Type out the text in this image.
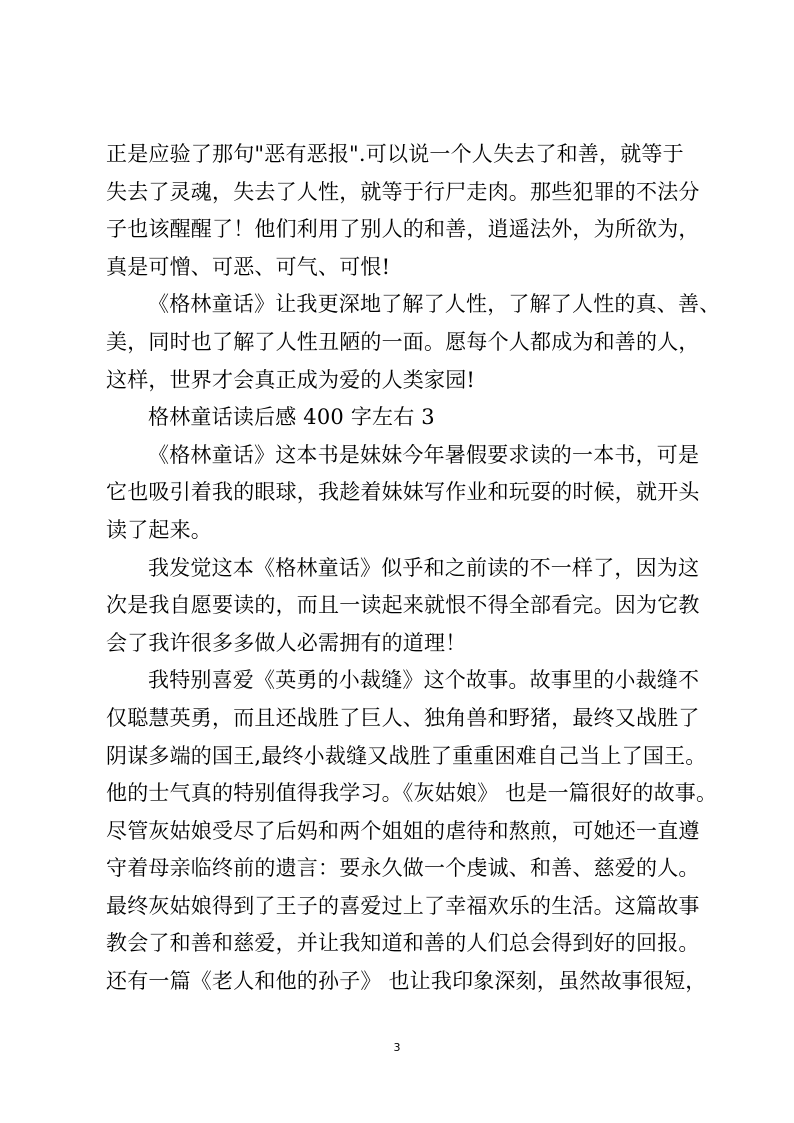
正是应验了那句"恶有恶报".可以说一个人失去了和善，就等于
失去了灵魂，失去了人性，就等于行尸走肉。那些犯罪的不法分
子也该醒醒了！他们利用了别人的和善，逍遥法外，为所欲为，
真是可憎、可恶、可气、可恨!
《格林童话》让我更深地了解了人性，了解了人性的真、善、
美，同时也了解了人性丑陋的一面。愿每个人都成为和善的人，
这样，世界才会真正成为爱的人类家园!
格林童话读后感 400 字左右 3
《格林童话》这本书是妹妹今年暑假要求读的一本书，可是
它也吸引着我的眼球，我趁着妹妹写作业和玩耍的时候，就开头
读了起来。
我发觉这本《格林童话》似乎和之前读的不一样了，因为这
次是我自愿要读的，而且一读起来就恨不得全部看完。因为它教
会了我许很多多做人必需拥有的道理！
我特别喜爱《英勇的小裁缝》这个故事。故事里的小裁缝不
仅聪慧英勇，而且还战胜了巨人、独角兽和野猪，最终又战胜了
阴谋多端的国王,最终小裁缝又战胜了重重困难自己当上了国王。
他的士气真的特别值得我学习。《灰姑娘》 也是一篇很好的故事。
尽管灰姑娘受尽了后妈和两个姐姐的虐待和熬煎，可她还一直遵
守着母亲临终前的遗言：要永久做一个虔诚、和善、慈爱的人。
最终灰姑娘得到了王子的喜爱过上了幸福欢乐的生活。这篇故事
教会了和善和慈爱，并让我知道和善的人们总会得到好的回报。
还有一篇《老人和他的孙子》 也让我印象深刻，虽然故事很短，
3
